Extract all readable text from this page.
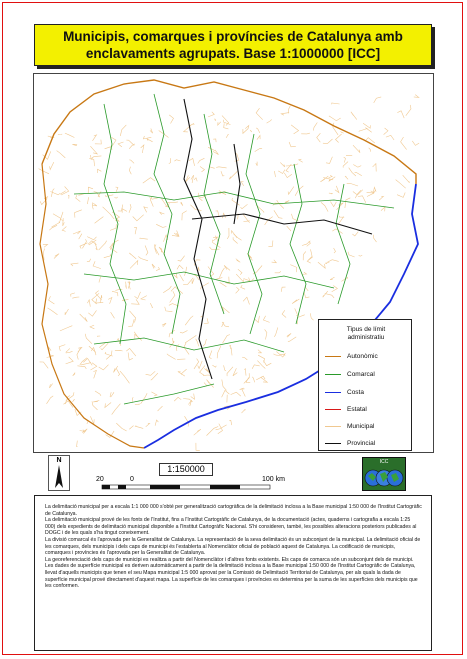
Municipis, comarques i províncies de Catalunya amb
enclavaments agrupats. Base 1:1000000 [ICC]
Tipus de límit
administratiu
Autonòmic
Comarcal
Costa
Estatal
Municipal
Provincial
N
1:150000
20	0	100 km
ICC

La delimitació municipal per a escala 1:1 000 000 s'obté per generalització cartogràfica de la delimitació inclosa a la Base municipal 1:50 000 de l'Institut Cartogràfic de Catalunya.

La delimitació municipal prové de les fonts de l'Institut, fins a l'Institut Cartogràfic de Catalunya, de la documentació (actes, quaderns i cartografia a escala 1:25 000) dels expedients de delimitació municipal disponible a l'Institut Cartogràfic Nacional. S'hi consideren, també, les possibles alteracions posteriors publicades al DOGC i de les quals s'ha tingut coneixement.

La divisió comarcal és l'aprovada per la Generalitat de Catalunya. La representació de la seva delimitació és un subconjunt de la municipal. La delimitació oficial de les comarques, dels municipis i dels caps de municipi és l'establerta al Nomenclàtor oficial de població aquest de Catalunya. La codificació de municipis, comarques i províncies és l'aprovada per la Generalitat de Catalunya.

La georeferenciació dels caps de municipi es realitza a partir del Nomenclàtor i d'altres fonts existents. Els caps de comarca són un subconjunt dels de municipi.

Les dades de superfície municipal es deriven automàticament a partir de la delimitació inclosa a la Base municipal 1:50 000 de l'Institut Cartogràfic de Catalunya, llevat d'aquells municipis que tenen el seu Mapa municipal 1:5 000 aprovat per la Comissió de Delimitació Territorial de Catalunya, per als quals la dada de superfície municipal prové directament d'aquest mapa. La superfície de les comarques i províncies es determina per la suma de les superfícies dels municipis que les conformen.
